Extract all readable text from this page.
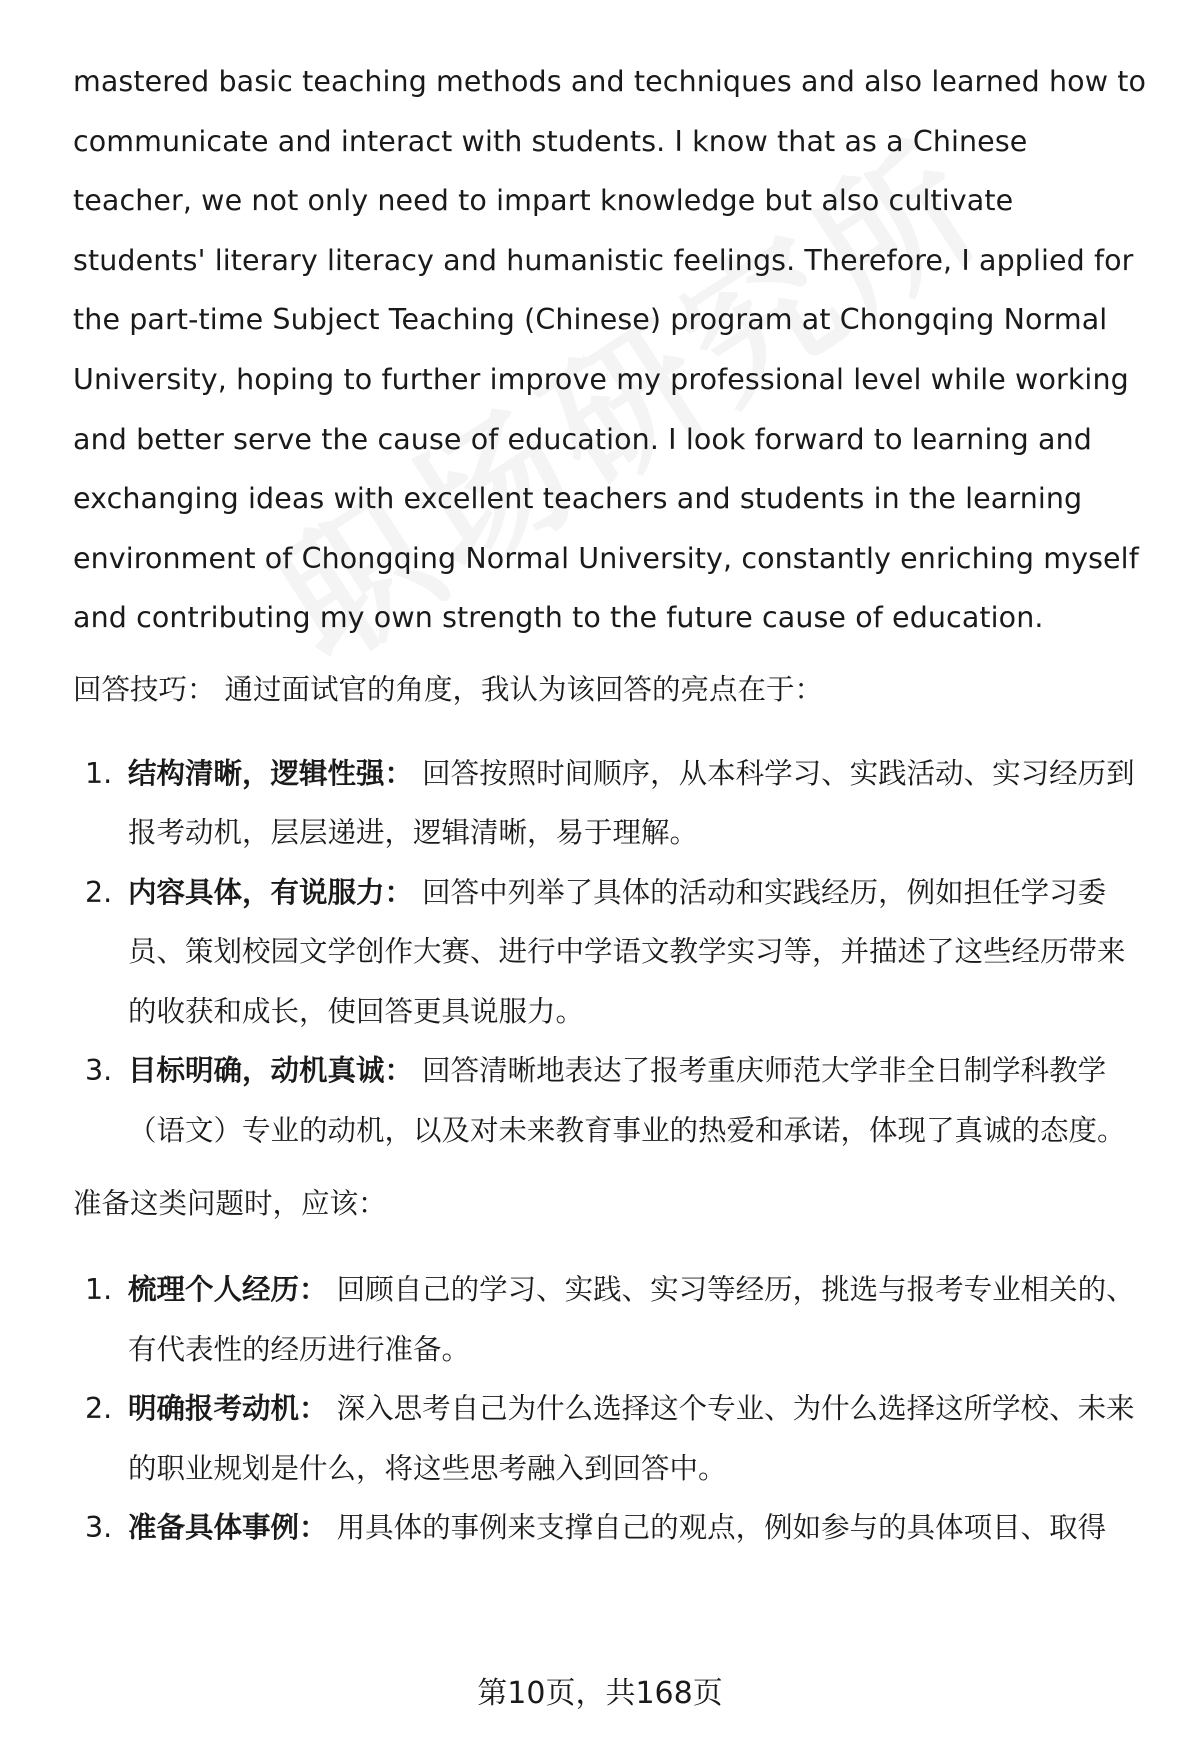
mastered basic teaching methods and techniques and also learned how to communicate and interact with students. I know that as a Chinese teacher, we not only need to impart knowledge but also cultivate students' literary literacy and humanistic feelings. Therefore, I applied for the part-time Subject Teaching (Chinese) program at Chongqing Normal University, hoping to further improve my professional level while working and better serve the cause of education. I look forward to learning and exchanging ideas with excellent teachers and students in the learning environment of Chongqing Normal University, constantly enriching myself and contributing my own strength to the future cause of education.

回答技巧： 通过面试官的角度，我认为该回答的亮点在于：

1. 结构清晰，逻辑性强： 回答按照时间顺序，从本科学习、实践活动、实习经历到报考动机，层层递进，逻辑清晰，易于理解。
2. 内容具体，有说服力： 回答中列举了具体的活动和实践经历，例如担任学习委员、策划校园文学创作大赛、进行中学语文教学实习等，并描述了这些经历带来的收获和成长，使回答更具说服力。
3. 目标明确，动机真诚： 回答清晰地表达了报考重庆师范大学非全日制学科教学（语文）专业的动机，以及对未来教育事业的热爱和承诺，体现了真诚的态度。

准备这类问题时，应该：

1. 梳理个人经历： 回顾自己的学习、实践、实习等经历，挑选与报考专业相关的、有代表性的经历进行准备。
2. 明确报考动机： 深入思考自己为什么选择这个专业、为什么选择这所学校、未来的职业规划是什么，将这些思考融入到回答中。
3. 准备具体事例： 用具体的事例来支撑自己的观点，例如参与的具体项目、取得
第10页，共168页
